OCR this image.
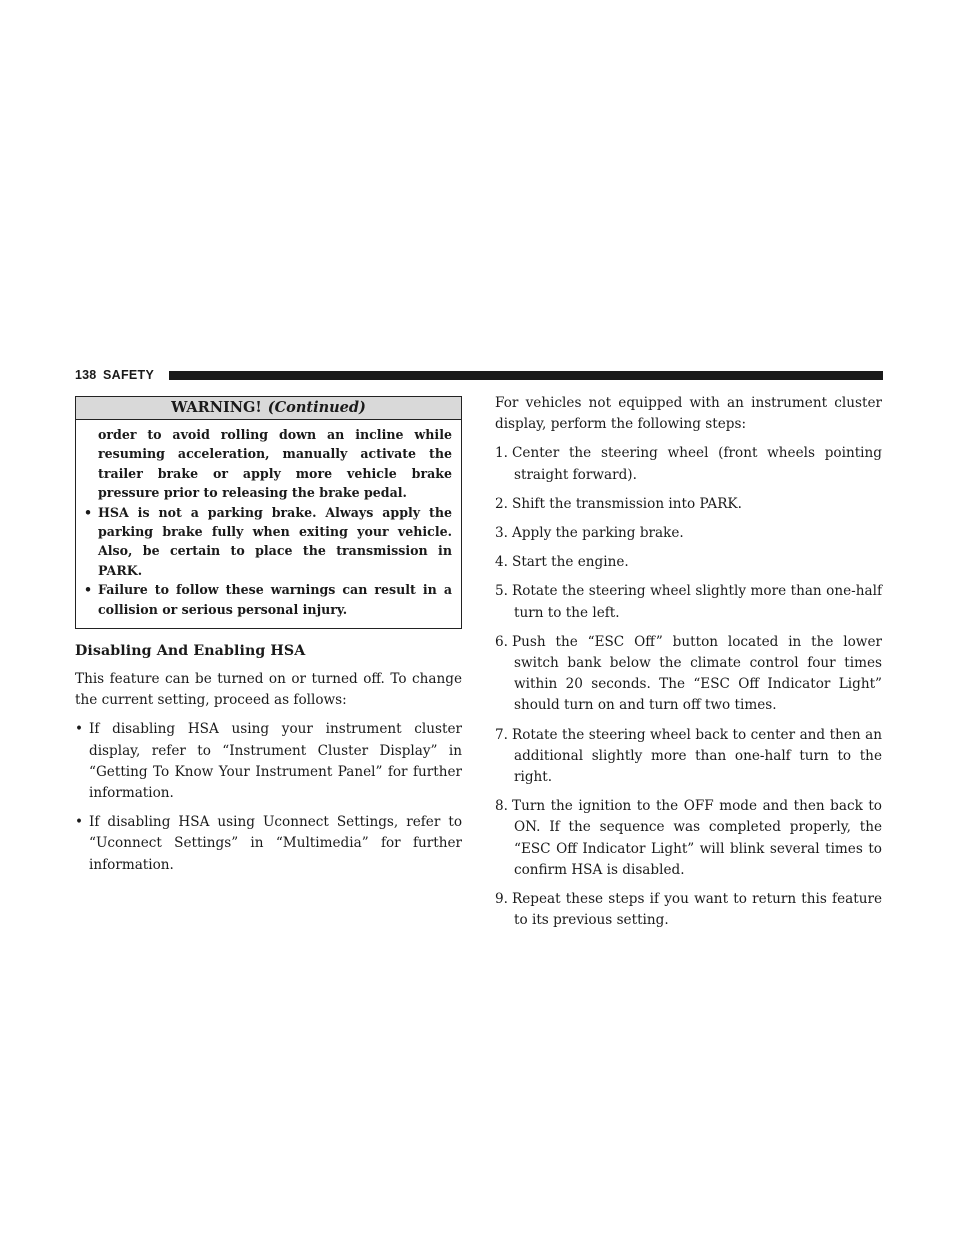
138 SAFETY
WARNING! (Continued)
order to avoid rolling down an incline while resuming acceleration, manually activate the trailer brake or apply more vehicle brake pressure prior to releasing the brake pedal.
• HSA is not a parking brake. Always apply the parking brake fully when exiting your vehicle. Also, be certain to place the transmission in PARK.
• Failure to follow these warnings can result in a collision or serious personal injury.
Disabling And Enabling HSA

This feature can be turned on or turned off. To change the current setting, proceed as follows:

• If disabling HSA using your instrument cluster display, refer to “Instrument Cluster Display” in “Getting To Know Your Instrument Panel” for further information.
• If disabling HSA using Uconnect Settings, refer to “Uconnect Settings” in “Multimedia” for further information.

For vehicles not equipped with an instrument cluster display, perform the following steps:

1. Center the steering wheel (front wheels pointing straight forward).
2. Shift the transmission into PARK.
3. Apply the parking brake.
4. Start the engine.
5. Rotate the steering wheel slightly more than one-half turn to the left.
6. Push the “ESC Off” button located in the lower switch bank below the climate control four times within 20 seconds. The “ESC Off Indicator Light” should turn on and turn off two times.
7. Rotate the steering wheel back to center and then an additional slightly more than one-half turn to the right.
8. Turn the ignition to the OFF mode and then back to ON. If the sequence was completed properly, the “ESC Off Indicator Light” will blink several times to confirm HSA is disabled.
9. Repeat these steps if you want to return this feature to its previous setting.
